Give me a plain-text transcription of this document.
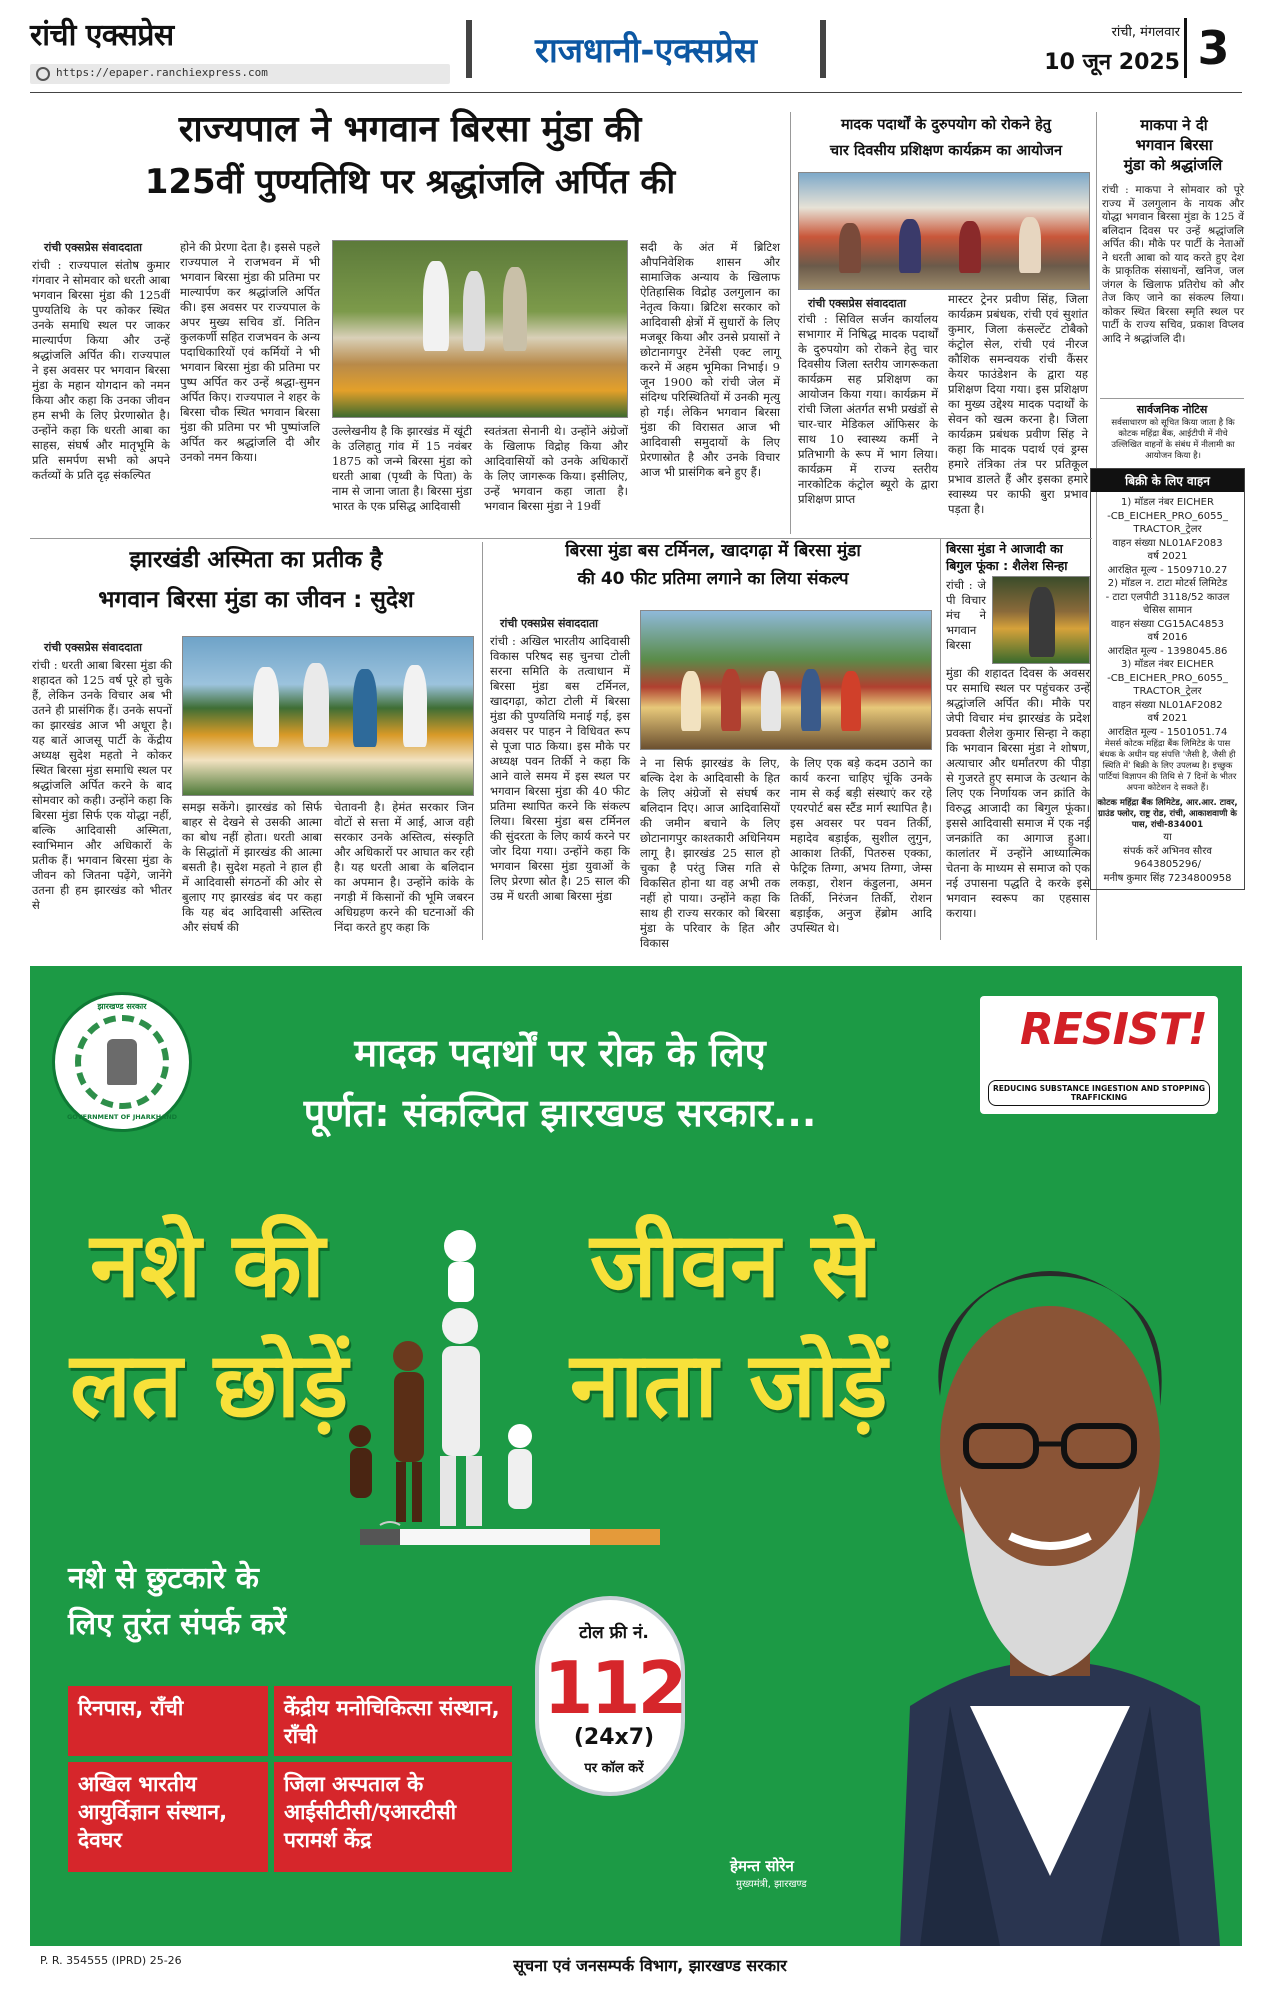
रांची एक्सप्रेस
https://epaper.ranchiexpress.com
राजधानी-एक्सप्रेस	रांची, मंगलवार
10 जून 2025 3
राज्यपाल ने भगवान बिरसा मुंडा की
125वीं पुण्यतिथि पर श्रद्धांजलि अर्पित की
रांची एक्सप्रेस संवाददाता
रांची : राज्यपाल संतोष कुमार गंगवार ने सोमवार को धरती आबा भगवान बिरसा मुंडा की 125वीं पुण्यतिथि के पर कोकर स्थित उनके समाधि स्थल पर जाकर माल्यार्पण किया और उन्हें श्रद्धांजलि अर्पित की। राज्यपाल ने इस अवसर पर भगवान बिरसा मुंडा के महान योगदान को नमन किया और कहा कि उनका जीवन हम सभी के लिए प्रेरणास्रोत है। उन्होंने कहा कि धरती आबा का साहस, संघर्ष और मातृभूमि के प्रति समर्पण सभी को अपने कर्तव्यों के प्रति दृढ़ संकल्पित
होने की प्रेरणा देता है। इससे पहले राज्यपाल ने राजभवन में भी भगवान बिरसा मुंडा की प्रतिमा पर माल्यार्पण कर श्रद्धांजलि अर्पित की। इस अवसर पर राज्यपाल के अपर मुख्य सचिव डॉ. नितिन कुलकर्णी सहित राजभवन के अन्य पदाधिकारियों एवं कर्मियों ने भी भगवान बिरसा मुंडा की प्रतिमा पर पुष्प अर्पित कर उन्हें श्रद्धा-सुमन अर्पित किए। राज्यपाल ने शहर के बिरसा चौक स्थित भगवान बिरसा मुंडा की प्रतिमा पर भी पुष्पांजलि अर्पित कर श्रद्धांजलि दी और उनको नमन किया।
उल्लेखनीय है कि झारखंड में खूंटी के उलिहातु गांव में 15 नवंबर 1875 को जन्मे बिरसा मुंडा को धरती आबा (पृथ्वी के पिता) के नाम से जाना जाता है। बिरसा मुंडा भारत के एक प्रसिद्ध आदिवासी
स्वतंत्रता सेनानी थे। उन्होंने अंग्रेजों के खिलाफ विद्रोह किया और आदिवासियों को उनके अधिकारों के लिए जागरूक किया। इसीलिए, उन्हें भगवान कहा जाता है। भगवान बिरसा मुंडा ने 19वीं
सदी के अंत में ब्रिटिश औपनिवेशिक शासन और सामाजिक अन्याय के खिलाफ ऐतिहासिक विद्रोह उलगुलान का नेतृत्व किया। ब्रिटिश सरकार को आदिवासी क्षेत्रों में सुधारों के लिए मजबूर किया और उनसे प्रयासों ने छोटानागपुर टेनेंसी एक्ट लागू करने में अहम भूमिका निभाई। 9 जून 1900 को रांची जेल में संदिग्ध परिस्थितियों में उनकी मृत्यु हो गई। लेकिन भगवान बिरसा मुंडा की विरासत आज भी आदिवासी समुदायों के लिए प्रेरणास्रोत है और उनके विचार आज भी प्रासंगिक बने हुए हैं।
मादक पदार्थों के दुरुपयोग को रोकने हेतु
चार दिवसीय प्रशिक्षण कार्यक्रम का आयोजन
रांची एक्सप्रेस संवाददाता
रांची : सिविल सर्जन कार्यालय सभागार में निषिद्ध मादक पदार्थों के दुरुपयोग को रोकने हेतु चार दिवसीय जिला स्तरीय जागरूकता कार्यक्रम सह प्रशिक्षण का आयोजन किया गया। कार्यक्रम में रांची जिला अंतर्गत सभी प्रखंडों से चार-चार मेडिकल ऑफिसर के साथ 10 स्वास्थ्य कर्मी ने प्रतिभागी के रूप में भाग लिया। कार्यक्रम में राज्य स्तरीय नारकोटिक कंट्रोल ब्यूरो के द्वारा प्रशिक्षण प्राप्त
मास्टर ट्रेनर प्रवीण सिंह, जिला कार्यक्रम प्रबंधक, रांची एवं सुशांत कुमार, जिला कंसल्टेंट टोबैको कंट्रोल सेल, रांची एवं नीरज कौशिक समन्वयक रांची कैंसर केयर फाउंडेशन के द्वारा यह प्रशिक्षण दिया गया। इस प्रशिक्षण का मुख्य उद्देश्य मादक पदार्थों के सेवन को खत्म करना है। जिला कार्यक्रम प्रबंधक प्रवीण सिंह ने कहा कि मादक पदार्थ एवं ड्रग्स हमारे तंत्रिका तंत्र पर प्रतिकूल प्रभाव डालते हैं और इसका हमारे स्वास्थ्य पर काफी बुरा प्रभाव पड़ता है।
माकपा ने दी
भगवान बिरसा
मुंडा को श्रद्धांजलि
रांची : माकपा ने सोमवार को पूरे राज्य में उलगुलान के नायक और योद्धा भगवान बिरसा मुंडा के 125 वें बलिदान दिवस पर उन्हें श्रद्धांजलि अर्पित की। मौके पर पार्टी के नेताओं ने धरती आबा को याद करते हुए देश के प्राकृतिक संसाधनों, खनिज, जल जंगल के खिलाफ प्रतिरोध को और तेज किए जाने का संकल्प लिया। कोकर स्थित बिरसा स्मृति स्थल पर पार्टी के राज्य सचिव, प्रकाश विप्लव आदि ने श्रद्धांजलि दी।
सार्वजनिक नोटिस
सर्वसाधारण को सूचित किया जाता है कि कोटक महिंद्रा बैंक, आईटीपी में नीचे उल्लिखित वाहनों के संबंध में नीलामी का आयोजन किया है।
बिक्री के लिए वाहन
1) मॉडल नंबर EICHER
-CB_EICHER_PRO_6055_
TRACTOR_ट्रेलर
वाहन संख्या NL01AF2083
वर्ष 2021
आरक्षित मूल्य - 1509710.27
2) मॉडल न. टाटा मोटर्स लिमिटेड
- टाटा एलपीटी 3118/52 काउल
चेसिस सामान
वाहन संख्या CG15AC4853
वर्ष 2016
आरक्षित मूल्य - 1398045.86
3) मॉडल नंबर EICHER
-CB_EICHER_PRO_6055_
TRACTOR_ट्रेलर
वाहन संख्या NL01AF2082
वर्ष 2021
आरक्षित मूल्य - 1501051.74
मेसर्स कोटक महिंद्रा बैंक लिमिटेड के पास बंधक के अधीन यह संपत्ति 'जैसी है, जैसी ही स्थिति में' बिक्री के लिए उपलब्ध है। इच्छुक पार्टियां विज्ञापन की तिथि से 7 दिनों के भीतर अपना कोटेशन दे सकते हैं।
कोटक महिंद्रा बैंक लिमिटेड, आर.आर. टावर, ग्राउंड फ्लोर, राष्ट्र रोड, रांची, आकाशवाणी के पास, रांची-834001
या
संपर्क करें अभिनव सौरव
9643805296/
मनीष कुमार सिंह 7234800958
झारखंडी अस्मिता का प्रतीक है
भगवान बिरसा मुंडा का जीवन : सुदेश
रांची एक्सप्रेस संवाददाता
रांची : धरती आबा बिरसा मुंडा की शहादत को 125 वर्ष पूरे हो चुके हैं, लेकिन उनके विचार अब भी उतने ही प्रासंगिक हैं। उनके सपनों का झारखंड आज भी अधूरा है। यह बातें आजसू पार्टी के केंद्रीय अध्यक्ष सुदेश महतो ने कोकर स्थित बिरसा मुंडा समाधि स्थल पर श्रद्धांजलि अर्पित करने के बाद सोमवार को कही। उन्होंने कहा कि बिरसा मुंडा सिर्फ एक योद्धा नहीं, बल्कि आदिवासी अस्मिता, स्वाभिमान और अधिकारों के प्रतीक हैं। भगवान बिरसा मुंडा के जीवन को जितना पढ़ेंगे, जानेंगे उतना ही हम झारखंड को भीतर से
समझ सकेंगे। झारखंड को सिर्फ बाहर से देखने से उसकी आत्मा का बोध नहीं होता। धरती आबा के सिद्धांतों में झारखंड की आत्मा बसती है। सुदेश महतो ने हाल ही में आदिवासी संगठनों की ओर से बुलाए गए झारखंड बंद पर कहा कि यह बंद आदिवासी अस्तित्व और संघर्ष की
चेतावनी है। हेमंत सरकार जिन वोटों से सत्ता में आई, आज वही सरकार उनके अस्तित्व, संस्कृति और अधिकारों पर आघात कर रही है। यह धरती आबा के बलिदान का अपमान है। उन्होंने कांके के नगड़ी में किसानों की भूमि जबरन अधिग्रहण करने की घटनाओं की निंदा करते हुए कहा कि
बिरसा मुंडा बस टर्मिनल, खादगढ़ा में बिरसा मुंडा
की 40 फीट प्रतिमा लगाने का लिया संकल्प
रांची एक्सप्रेस संवाददाता
रांची : अखिल भारतीय आदिवासी विकास परिषद सह चुनचा टोली सरना समिति के तत्वाधान में बिरसा मुंडा बस टर्मिनल, खादगढ़ा, कोटा टोली में बिरसा मुंडा की पुण्यतिथि मनाई गई, इस अवसर पर पाहन ने विधिवत रूप से पूजा पाठ किया। इस मौके पर अध्यक्ष पवन तिर्की ने कहा कि आने वाले समय में इस स्थल पर भगवान बिरसा मुंडा की 40 फीट प्रतिमा स्थापित करने कि संकल्प लिया। बिरसा मुंडा बस टर्मिनल की सुंदरता के लिए कार्य करने पर जोर दिया गया। उन्होंने कहा कि भगवान बिरसा मुंडा युवाओं के लिए प्रेरणा स्रोत है। 25 साल की उम्र में धरती आबा बिरसा मुंडा
ने ना सिर्फ झारखंड के लिए, बल्कि देश के आदिवासी के हित के लिए अंग्रेजों से संघर्ष कर बलिदान दिए। आज आदिवासियों की जमीन बचाने के लिए छोटानागपुर काश्तकारी अधिनियम लागू है। झारखंड 25 साल हो चुका है परंतु जिस गति से विकसित होना था वह अभी तक नहीं हो पाया। उन्होंने कहा कि साथ ही राज्य सरकार को बिरसा मुंडा के परिवार के हित और विकास
के लिए एक बड़े कदम उठाने का कार्य करना चाहिए चूंकि उनके नाम से कई बड़ी संस्थाएं कर रहे एयरपोर्ट बस स्टैंड मार्ग स्थापित है। इस अवसर पर पवन तिर्की, महादेव बड़ाईक, सुशील लुगुन, आकाश तिर्की, पितरुस एक्का, फेट्रिक तिग्गा, अभय तिग्गा, जेम्स लकड़ा, रोशन कंडुलना, अमन तिर्की, निरंजन तिर्की, रोशन बड़ाईक, अनुज हेंब्रोम आदि उपस्थित थे।
बिरसा मुंडा ने आजादी का बिगुल फूंका : शैलेश सिन्हा
रांची : जे पी विचार मंच ने भगवान बिरसा
मुंडा की शहादत दिवस के अवसर पर समाधि स्थल पर पहुंचकर उन्हें श्रद्धांजलि अर्पित की। मौके पर जेपी विचार मंच झारखंड के प्रदेश प्रवक्ता शैलेश कुमार सिन्हा ने कहा कि भगवान बिरसा मुंडा ने शोषण, अत्याचार और धर्मांतरण की पीड़ा से गुजरते हुए समाज के उत्थान के लिए एक निर्णायक जन क्रांति के विरुद्ध आजादी का बिगुल फूंका। इससे आदिवासी समाज में एक नई जनक्रांति का आगाज हुआ। कालांतर में उन्होंने आध्यात्मिक चेतना के माध्यम से समाज को एक नई उपासना पद्धति दे करके इसे भगवान स्वरूप का एहसास कराया।
झारखण्ड सरकार
GOVERNMENT OF JHARKHAND
मादक पदार्थों पर रोक के लिए
पूर्णत: संकल्पित झारखण्ड सरकार...
RESIST!
REDUCING SUBSTANCE INGESTION AND STOPPING TRAFFICKING
नशे की
लत छोड़ें
जीवन से
नाता जोड़ें
नशे से छुटकारे के
लिए तुरंत संपर्क करें
रिनपास, राँची	केंद्रीय मनोचिकित्सा संस्थान, राँची
अखिल भारतीय आयुर्विज्ञान संस्थान, देवघर
जिला अस्पताल के आईसीटीसी/एआरटीसी परामर्श केंद्र
टोल फ्री नं.
112
(24x7)
पर कॉल करें
हेमन्त सोरेन
मुख्यमंत्री, झारखण्ड
P. R. 354555 (IPRD) 25-26	सूचना एवं जनसम्पर्क विभाग, झारखण्ड सरकार
